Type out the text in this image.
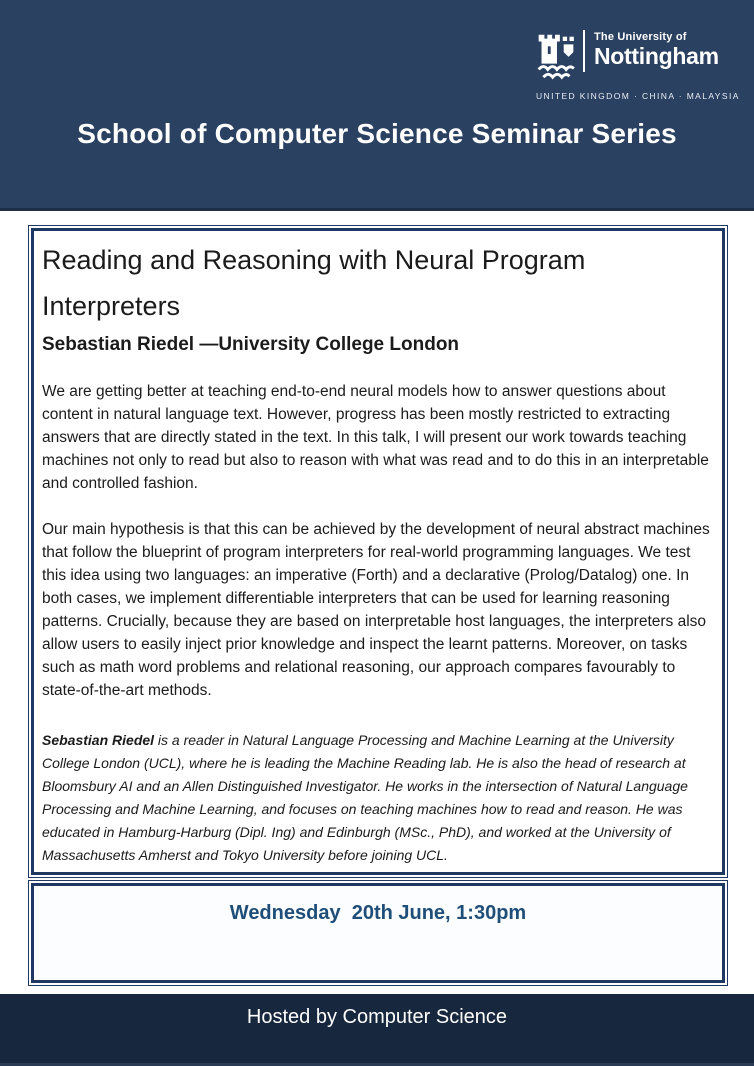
The University of
Nottingham
UNITED KINGDOM · CHINA · MALAYSIA
School of Computer Science Seminar Series
Reading and Reasoning with Neural Program Interpreters
Sebastian Riedel —University College London

We are getting better at teaching end-to-end neural models how to answer questions about content in natural language text. However, progress has been mostly restricted to extracting answers that are directly stated in the text. In this talk, I will present our work towards teaching machines not only to read but also to reason with what was read and to do this in an interpretable and controlled fashion.

Our main hypothesis is that this can be achieved by the development of neural abstract machines that follow the blueprint of program interpreters for real-world programming languages. We test this idea using two languages: an imperative (Forth) and a declarative (Prolog/Datalog) one. In both cases, we implement differentiable interpreters that can be used for learning reasoning patterns. Crucially, because they are based on interpretable host languages, the interpreters also allow users to easily inject prior knowledge and inspect the learnt patterns. Moreover, on tasks such as math word problems and relational reasoning, our approach compares favourably to state-of-the-art methods.

Sebastian Riedel is a reader in Natural Language Processing and Machine Learning at the University College London (UCL), where he is leading the Machine Reading lab. He is also the head of research at Bloomsbury AI and an Allen Distinguished Investigator. He works in the intersection of Natural Language Processing and Machine Learning, and focuses on teaching machines how to read and reason. He was educated in Hamburg-Harburg (Dipl. Ing) and Edinburgh (MSc., PhD), and worked at the University of Massachusetts Amherst and Tokyo University before joining UCL.

Wednesday  20th June, 1:30pm
Hosted by Computer Science
